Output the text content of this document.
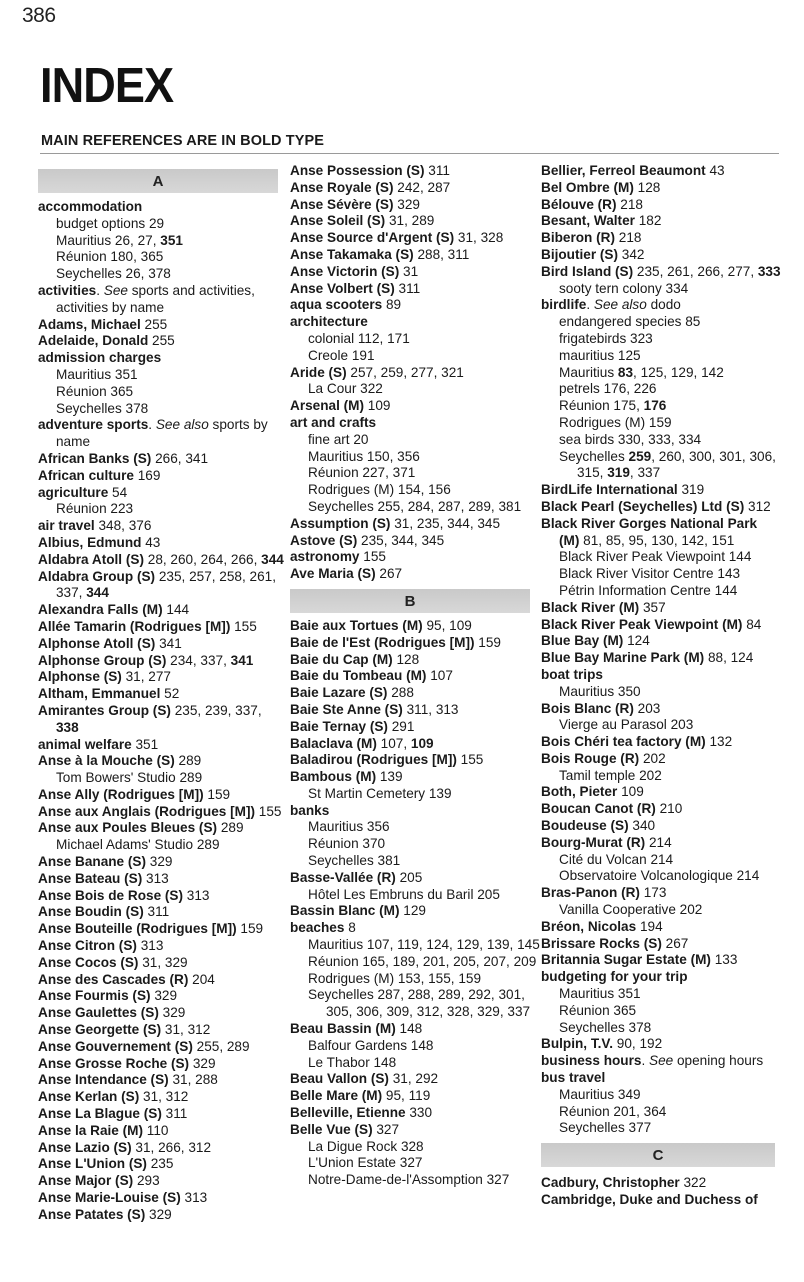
386
INDEX
MAIN REFERENCES ARE IN BOLD TYPE
A
accommodation
budget options 29
Mauritius 26, 27, 351
Réunion 180, 365
Seychelles 26, 378
activities. See sports and activities, activities by name
Adams, Michael 255
Adelaide, Donald 255
admission charges
Mauritius 351
Réunion 365
Seychelles 378
adventure sports. See also sports by name
African Banks (S) 266, 341
African culture 169
agriculture 54
Réunion 223
air travel 348, 376
Albius, Edmund 43
Aldabra Atoll (S) 28, 260, 264, 266, 344
Aldabra Group (S) 235, 257, 258, 261, 337, 344
Alexandra Falls (M) 144
Allée Tamarin (Rodrigues [M]) 155
Alphonse Atoll (S) 341
Alphonse Group (S) 234, 337, 341
Alphonse (S) 31, 277
Altham, Emmanuel 52
Amirantes Group (S) 235, 239, 337, 338
animal welfare 351
Anse à la Mouche (S) 289
Tom Bowers' Studio 289
Anse Ally (Rodrigues [M]) 159
Anse aux Anglais (Rodrigues [M]) 155
Anse aux Poules Bleues (S) 289
Michael Adams' Studio 289
Anse Banane (S) 329
Anse Bateau (S) 313
Anse Bois de Rose (S) 313
Anse Boudin (S) 311
Anse Bouteille (Rodrigues [M]) 159
Anse Citron (S) 313
Anse Cocos (S) 31, 329
Anse des Cascades (R) 204
Anse Fourmis (S) 329
Anse Gaulettes (S) 329
Anse Georgette (S) 31, 312
Anse Gouvernement (S) 255, 289
Anse Grosse Roche (S) 329
Anse Intendance (S) 31, 288
Anse Kerlan (S) 31, 312
Anse La Blague (S) 311
Anse la Raie (M) 110
Anse Lazio (S) 31, 266, 312
Anse L'Union (S) 235
Anse Major (S) 293
Anse Marie-Louise (S) 313
Anse Patates (S) 329
Anse Possession (S) 311
Anse Royale (S) 242, 287
Anse Sévère (S) 329
Anse Soleil (S) 31, 289
Anse Source d'Argent (S) 31, 328
Anse Takamaka (S) 288, 311
Anse Victorin (S) 31
Anse Volbert (S) 311
aqua scooters 89
architecture
colonial 112, 171
Creole 191
Aride (S) 257, 259, 277, 321
La Cour 322
Arsenal (M) 109
art and crafts
fine art 20
Mauritius 150, 356
Réunion 227, 371
Rodrigues (M) 154, 156
Seychelles 255, 284, 287, 289, 381
Assumption (S) 31, 235, 344, 345
Astove (S) 235, 344, 345
astronomy 155
Ave Maria (S) 267
B
Baie aux Tortues (M) 95, 109
Baie de l'Est (Rodrigues [M]) 159
Baie du Cap (M) 128
Baie du Tombeau (M) 107
Baie Lazare (S) 288
Baie Ste Anne (S) 311, 313
Baie Ternay (S) 291
Balaclava (M) 107, 109
Baladirou (Rodrigues [M]) 155
Bambous (M) 139
St Martin Cemetery 139
banks
Mauritius 356
Réunion 370
Seychelles 381
Basse-Vallée (R) 205
Hôtel Les Embruns du Baril 205
Bassin Blanc (M) 129
beaches 8
Mauritius 107, 119, 124, 129, 139, 145
Réunion 165, 189, 201, 205, 207, 209
Rodrigues (M) 153, 155, 159
Seychelles 287, 288, 289, 292, 301, 305, 306, 309, 312, 328, 329, 337
Beau Bassin (M) 148
Balfour Gardens 148
Le Thabor 148
Beau Vallon (S) 31, 292
Belle Mare (M) 95, 119
Belleville, Etienne 330
Belle Vue (S) 327
La Digue Rock 328
L'Union Estate 327
Notre-Dame-de-l'Assomption 327
Bellier, Ferreol Beaumont 43
Bel Ombre (M) 128
Bélouve (R) 218
Besant, Walter 182
Biberon (R) 218
Bijoutier (S) 342
Bird Island (S) 235, 261, 266, 277, 333
sooty tern colony 334
birdlife. See also dodo
endangered species 85
frigatebirds 323
mauritius 125
Mauritius 83, 125, 129, 142
petrels 176, 226
Réunion 175, 176
Rodrigues (M) 159
sea birds 330, 333, 334
Seychelles 259, 260, 300, 301, 306, 315, 319, 337
BirdLife International 319
Black Pearl (Seychelles) Ltd (S) 312
Black River Gorges National Park (M) 81, 85, 95, 130, 142, 151
Black River Peak Viewpoint 144
Black River Visitor Centre 143
Pétrin Information Centre 144
Black River (M) 357
Black River Peak Viewpoint (M) 84
Blue Bay (M) 124
Blue Bay Marine Park (M) 88, 124
boat trips
Mauritius 350
Bois Blanc (R) 203
Vierge au Parasol 203
Bois Chéri tea factory (M) 132
Bois Rouge (R) 202
Tamil temple 202
Both, Pieter 109
Boucan Canot (R) 210
Boudeuse (S) 340
Bourg-Murat (R) 214
Cité du Volcan 214
Observatoire Volcanologique 214
Bras-Panon (R) 173
Vanilla Cooperative 202
Bréon, Nicolas 194
Brissare Rocks (S) 267
Britannia Sugar Estate (M) 133
budgeting for your trip
Mauritius 351
Réunion 365
Seychelles 378
Bulpin, T.V. 90, 192
business hours. See opening hours
bus travel
Mauritius 349
Réunion 201, 364
Seychelles 377
C
Cadbury, Christopher 322
Cambridge, Duke and Duchess of
